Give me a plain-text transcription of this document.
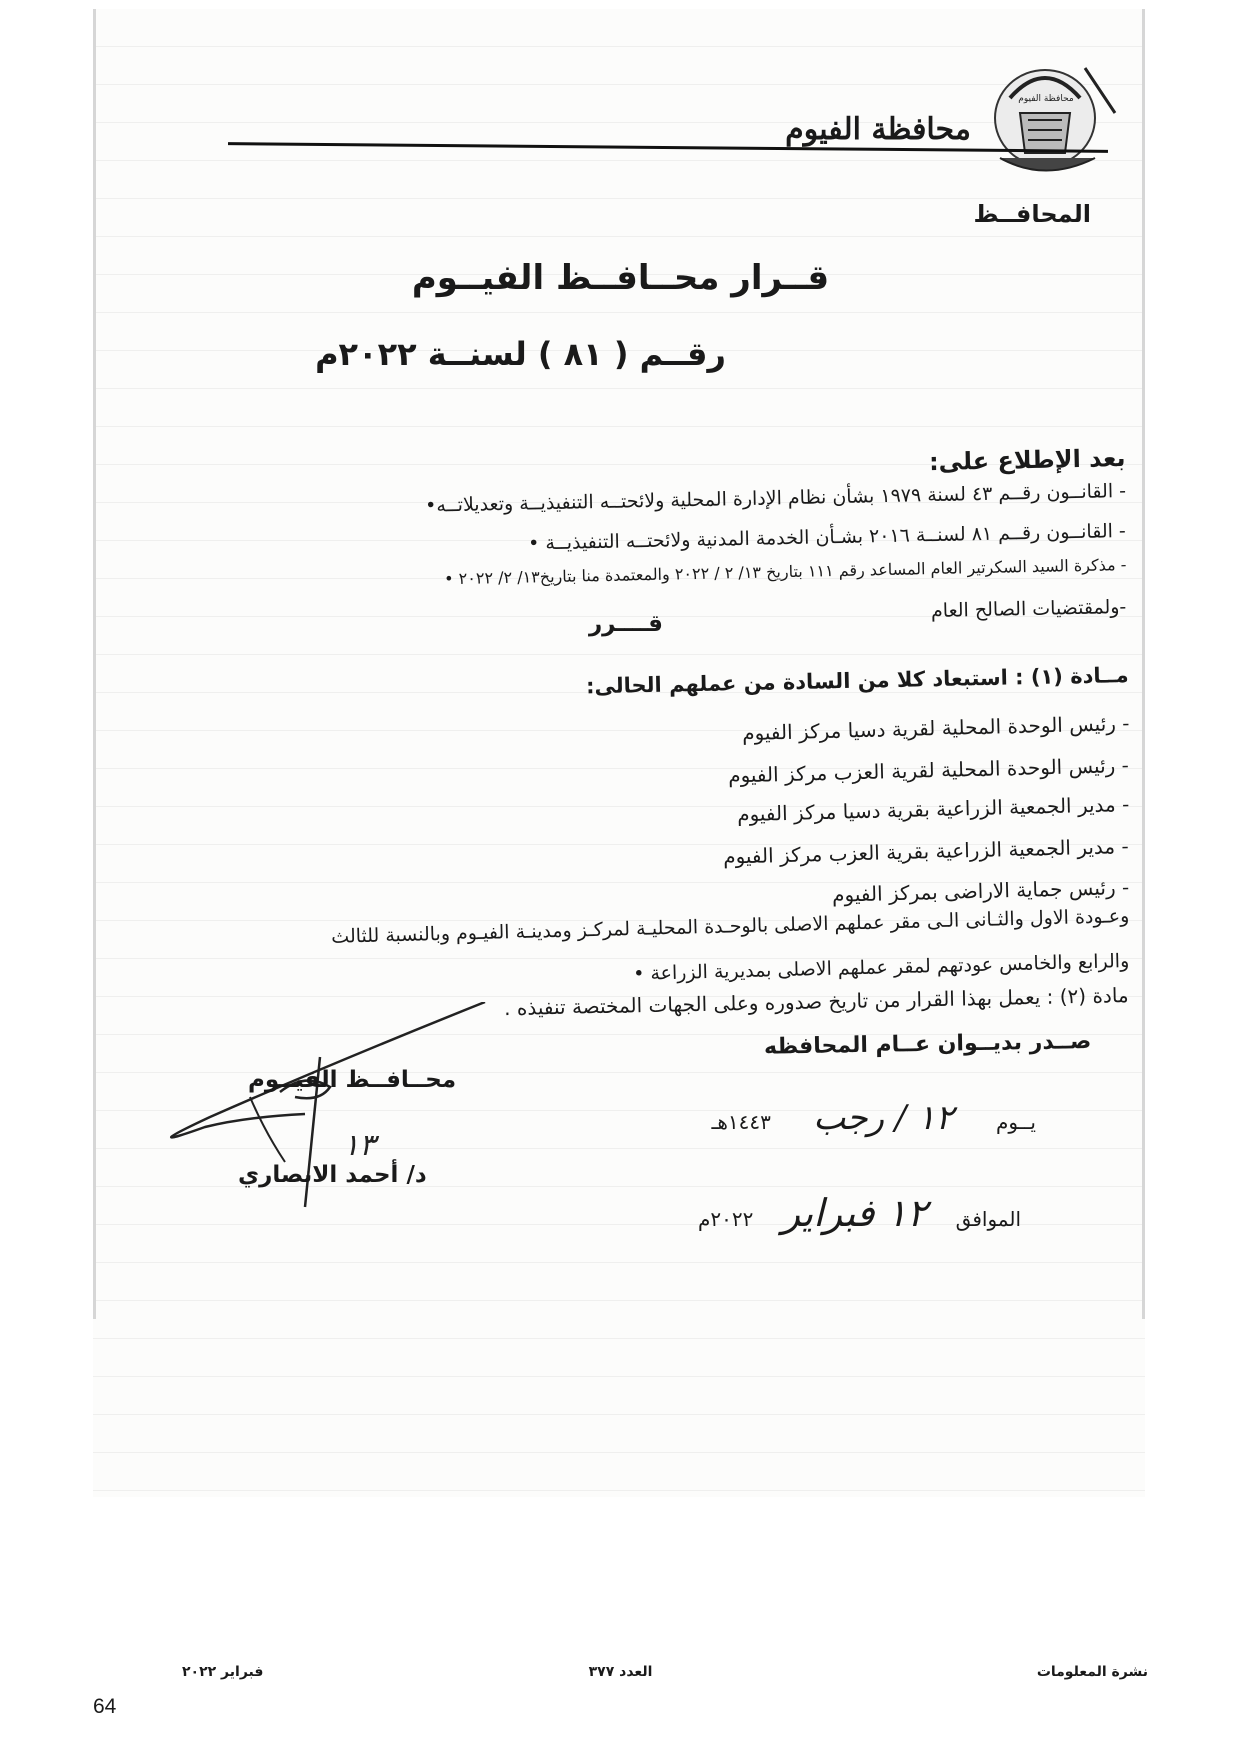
محافظة الفيوم
محافظة الفيوم
المحافــظ
قــرار محــافــظ الفيــوم
رقــم ( ٨١ ) لسنــة ٢٠٢٢م
بعد الإطلاع على:
- القانــون رقــم ٤٣ لسنة ١٩٧٩ بشأن نظام الإدارة المحلية ولائحتــه التنفيذيــة وتعديلاتــه•
- القانــون رقــم ٨١ لسنــة ٢٠١٦ بشـأن الخدمة المدنية ولائحتــه التنفيذيــة •
- مذكرة السيد السكرتير العام المساعد رقم ١١١ بتاريخ ١٣/ ٢ / ٢٠٢٢ والمعتمدة منا بتاريخ١٣/ ٢/ ٢٠٢٢ •
-ولمقتضيات الصالح العام
قــــرر
مــادة (١) : استبعاد كلا من السادة من عملهم الحالى:
- رئيس الوحدة المحلية لقرية دسيا مركز الفيوم
- رئيس الوحدة المحلية لقرية العزب مركز الفيوم
- مدير الجمعية الزراعية بقرية دسيا مركز الفيوم
- مدير الجمعية الزراعية بقرية العزب مركز الفيوم
- رئيس جماية الاراضى بمركز الفيوم
وعـودة الاول والثـانى الـى مقر عملهم الاصلى بالوحـدة المحليـة لمركـز ومدينـة الفيـوم وبالنسبة للثالث
والرابع والخامس عودتهم لمقر عملهم الاصلى بمديرية الزراعة •
مادة (٢) : يعمل بهذا القرار من تاريخ صدوره وعلى الجهات المختصة تنفيذه .
صــدر بديــوان عــام المحافظه
يــوم ١٢ / رجب ١٤٤٣هـ
الموافق ١٢ فبراير ٢٠٢٢م
١٣
محــافــظ الفيــوم
د/ أحمد الانصاري
نشرة المعلومات
العدد ٣٧٧
فبراير ٢٠٢٢
64
